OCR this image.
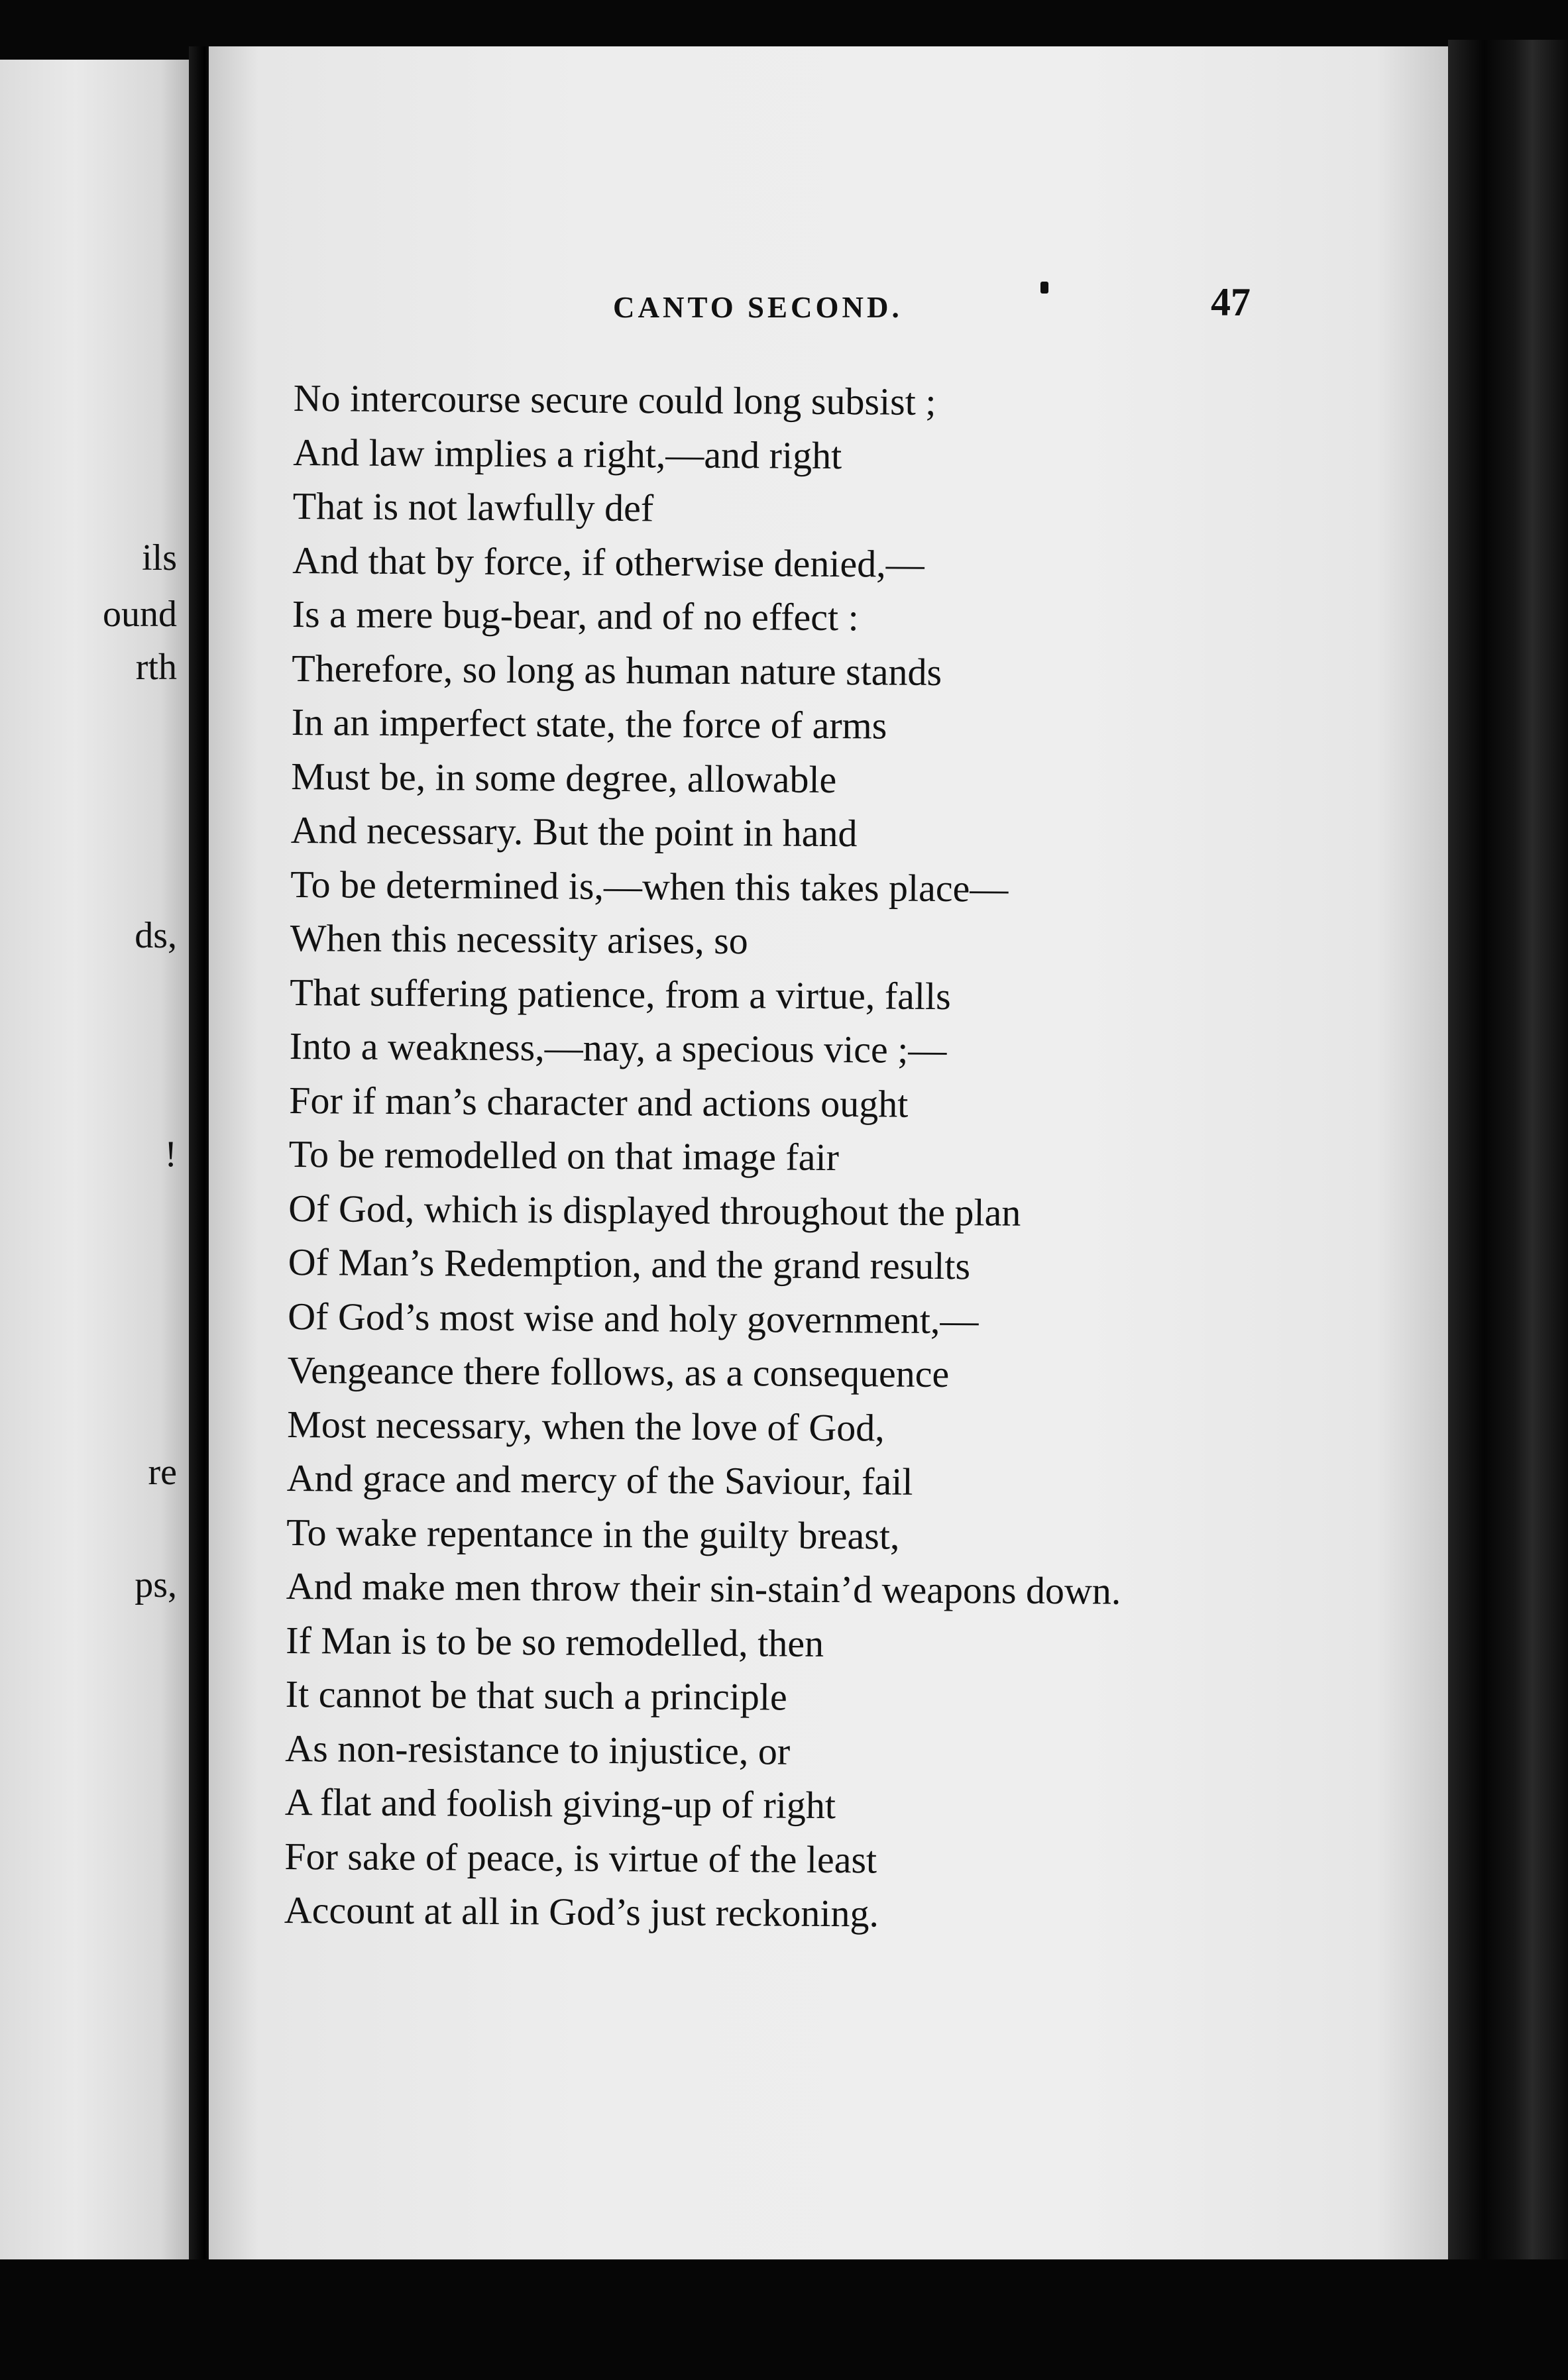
ils
ound
rth
ds,
!
re
ps,
CANTO SECOND.	47
No intercourse secure could long subsist ;
And law implies a right,—and right
That is not lawfully def
And that by force, if otherwise denied,—
Is a mere bug-bear, and of no effect :
Therefore, so long as human nature stands
In an imperfect state, the force of arms
Must be, in some degree, allowable
And necessary. But the point in hand
To be determined is,—when this takes place—
When this necessity arises, so
That suffering patience, from a virtue, falls
Into a weakness,—nay, a specious vice ;—
For if man’s character and actions ought
To be remodelled on that image fair
Of God, which is displayed throughout the plan
Of Man’s Redemption, and the grand results
Of God’s most wise and holy government,—
Vengeance there follows, as a consequence
Most necessary, when the love of God,
And grace and mercy of the Saviour, fail
To wake repentance in the guilty breast,
And make men throw their sin-stain’d weapons down.
If Man is to be so remodelled, then
It cannot be that such a principle
As non-resistance to injustice, or
A flat and foolish giving-up of right
For sake of peace, is virtue of the least
Account at all in God’s just reckoning.
